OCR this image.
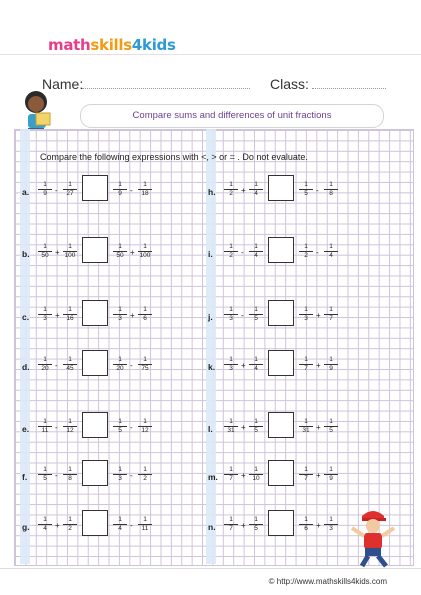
mathskills4kids
Name:	Class:
Compare sums and differences of unit fractions
Compare the following expressions with <, > or = . Do not evaluate.
a. $\frac{1}{9} - \frac{1}{27}$	$\frac{1}{9} - \frac{1}{18}$
b. $\frac{1}{50} + \frac{1}{100}$	$\frac{1}{50} + \frac{1}{100}$
c. $\frac{1}{3} + \frac{1}{16}$	$\frac{1}{3} + \frac{1}{6}$
d. $\frac{1}{20} - \frac{1}{45}$	$\frac{1}{20} - \frac{1}{75}$
e. $\frac{1}{11} - \frac{1}{12}$	$\frac{1}{5} - \frac{1}{12}$
f. $\frac{1}{5} - \frac{1}{8}$	$\frac{1}{3} - \frac{1}{2}$
g. $\frac{1}{4} + \frac{1}{2}$	$\frac{1}{4} - \frac{1}{11}$
h. $\frac{1}{2} + \frac{1}{4}$	$\frac{1}{5} - \frac{1}{8}$
i. $\frac{1}{2} - \frac{1}{4}$	$\frac{1}{2} - \frac{1}{4}$
j. $\frac{1}{3} - \frac{1}{5}$	$\frac{1}{3} + \frac{1}{7}$
k. $\frac{1}{3} + \frac{1}{4}$	$\frac{1}{7} + \frac{1}{9}$
l. $\frac{1}{31} + \frac{1}{5}$	$\frac{1}{31} + \frac{1}{5}$
m. $\frac{1}{7} + \frac{1}{10}$	$\frac{1}{7} + \frac{1}{9}$
n. $\frac{1}{7} + \frac{1}{5}$	$\frac{1}{6} + \frac{1}{3}$
© http://www.mathskills4kids.com
